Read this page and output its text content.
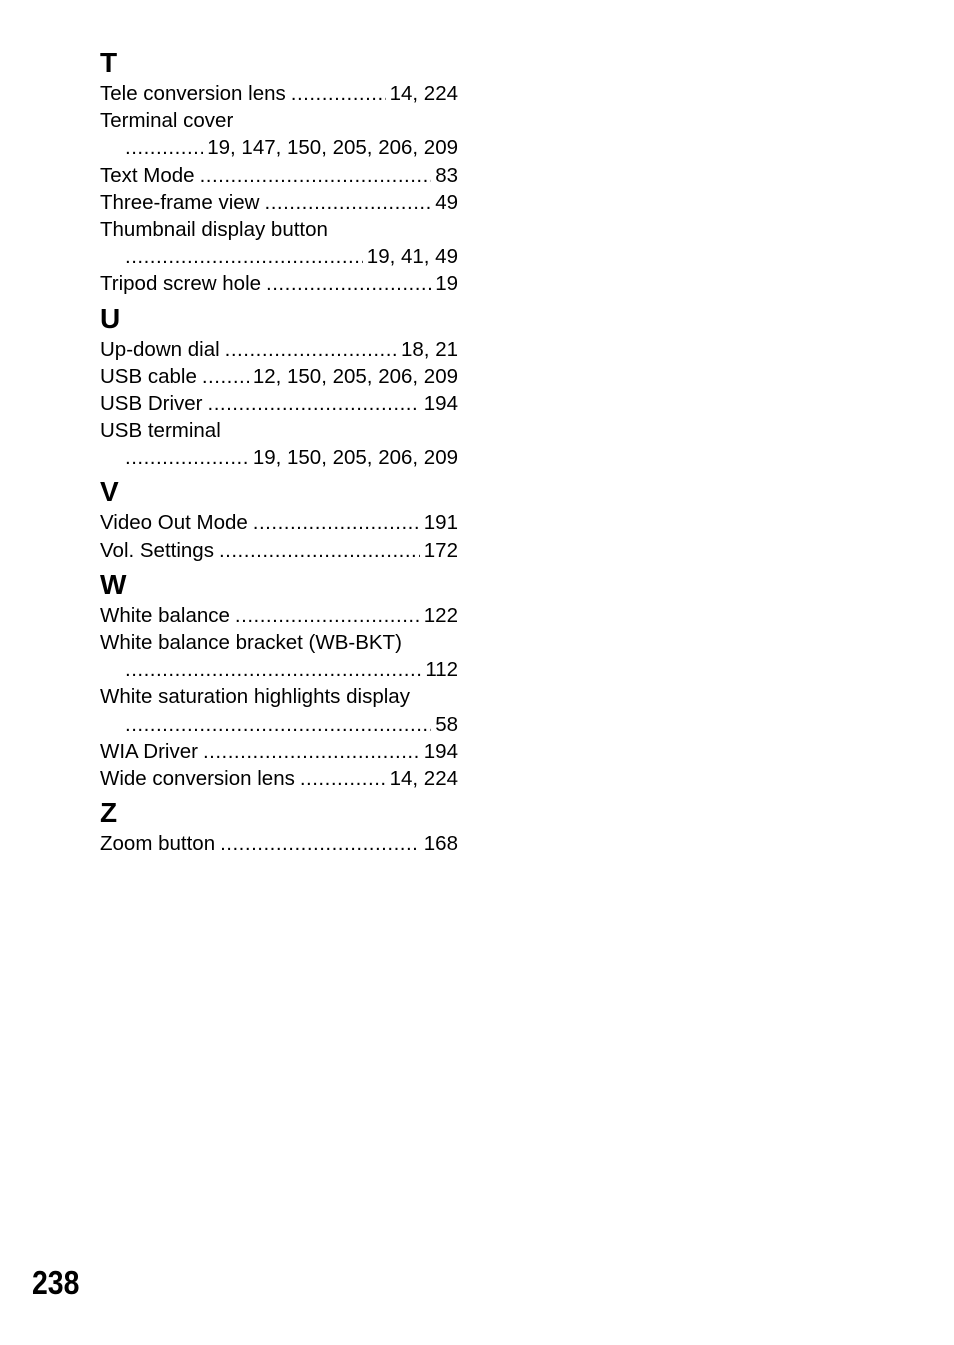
T
Tele conversion lens .....	14, 224
Terminal cover
.....
19, 147, 150, 205, 206, 209
Text Mode .....	83
Three-frame view .....	49
Thumbnail display button
.....
19, 41, 49
Tripod screw hole .....	19
U
Up-down dial .....	18, 21
USB cable .....	12, 150, 205, 206, 209
USB Driver .....	194
USB terminal
.....
19, 150, 205, 206, 209
V
Video Out Mode .....	191
Vol. Settings .....	172
W
White balance .....	122
White balance bracket (WB-BKT)
.....
112
White saturation highlights display
.....
58
WIA Driver .....	194
Wide conversion lens .....	14, 224
Z
Zoom button .....	168
238
